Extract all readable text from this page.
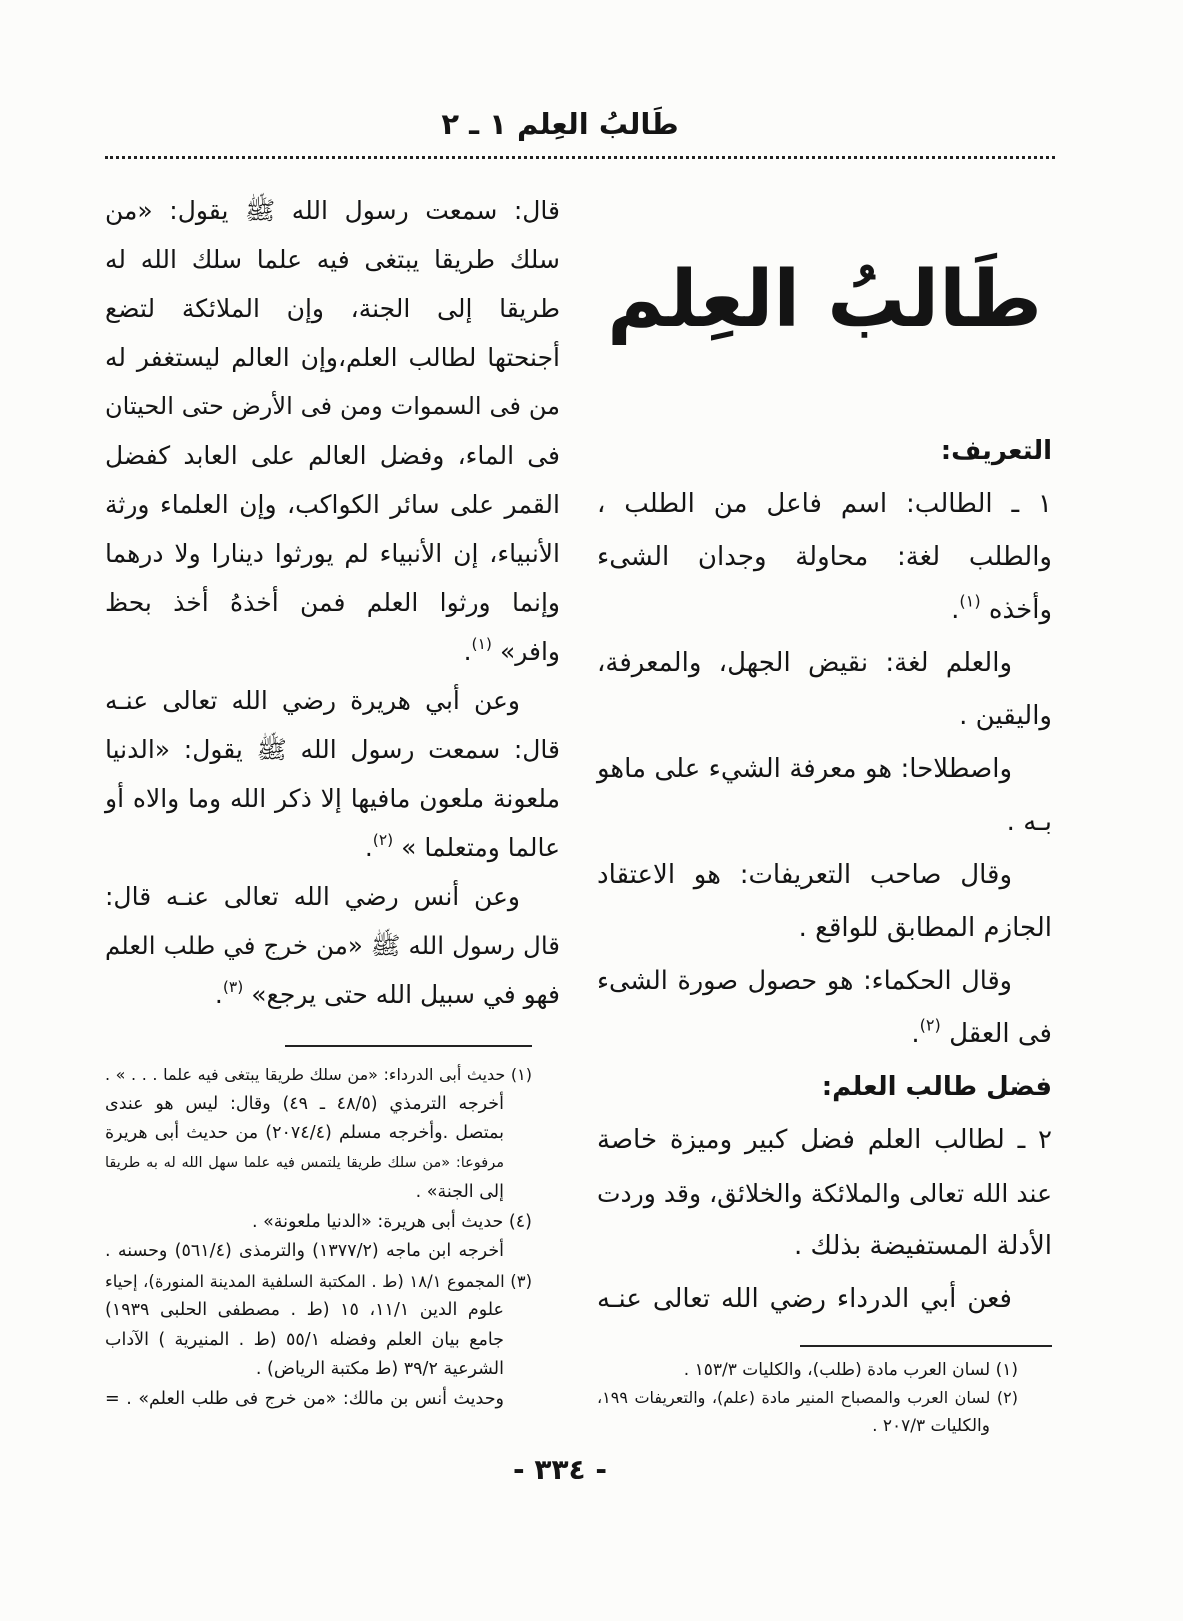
طَالبُ العِلم ١ ـ ٢
طَالبُ العِلم
التعريف:
١ ـ الطالب: اسم فاعل من الطلب ،
والطلب لغة: محاولة وجدان الشىء
وأخذه $^{(١)}$.
والعلم لغة: نقيض الجهل، والمعرفة،
واليقين .
واصطلاحا: هو معرفة الشيء على ماهو
بـه .
وقال صاحب التعريفات: هو الاعتقاد
الجازم المطابق للواقع .
وقال الحكماء: هو حصول صورة الشىء
فى العقل $^{(٢)}$.
فضل طالب العلم:
٢ ـ لطالب العلم فضل كبير وميزة خاصة
عند الله تعالى والملائكة والخلائق، وقد وردت
الأدلة المستفيضة بذلك .
فعن أبي الدرداء رضي الله تعالى عنـه
(١) لسان العرب مادة (طلب)، والكليات ١٥٣/٣ .
(٢) لسان العرب والمصباح المنير مادة (علم)، والتعريفات ١٩٩،
والكليات ٢٠٧/٣ .
قال: سمعت رسول الله ﷺ يقول: «من
سلك طريقا يبتغى فيه علما سلك الله له
طريقا إلى الجنة، وإن الملائكة لتضع
أجنحتها لطالب العلم،وإن العالم ليستغفر له
من فى السموات ومن فى الأرض حتى الحيتان
فى الماء، وفضل العالم على العابد كفضل
القمر على سائر الكواكب، وإن العلماء ورثة
الأنبياء، إن الأنبياء لم يورثوا دينارا ولا درهما
وإنما ورثوا العلم فمن أخذهُ أخذ بحظ
وافر» $^{(١)}$.
وعن أبي هريرة رضي الله تعالى عنـه
قال: سمعت رسول الله ﷺ يقول: «الدنيا
ملعونة ملعون مافيها إلا ذكر الله وما والاه أو
عالما ومتعلما » $^{(٢)}$.
وعن أنس رضي الله تعالى عنـه قال:
قال رسول الله ﷺ «من خرج في طلب العلم
فهو في سبيل الله حتى يرجع» $^{(٣)}$.
(١) حديث أبى الدرداء: «من سلك طريقا يبتغى فيه علما . . . » .
أخرجه الترمذي (٤٨/٥ ـ ٤٩) وقال: ليس هو عندى
بمتصل .وأخرجه مسلم (٢٠٧٤/٤) من حديث أبى هريرة
مرفوعا: «من سلك طريقا يلتمس فيه علما سهل الله له به طريقا
إلى الجنة» .
(٤) حديث أبى هريرة: «الدنيا ملعونة» .
أخرجه ابن ماجه (١٣٧٧/٢) والترمذى (٥٦١/٤) وحسنه .
(٣) المجموع ١٨/١ (ط . المكتبة السلفية المدينة المنورة)، إحياء
علوم الدين ١١/١، ١٥ (ط . مصطفى الحلبى ١٩٣٩)
جامع بيان العلم وفضله ٥٥/١ (ط . المنيرية ) الآداب
الشرعية ٣٩/٢ (ط مكتبة الرياض) .
وحديث أنس بن مالك: «من خرج فى طلب العلم» . =
- ٣٣٤ -
